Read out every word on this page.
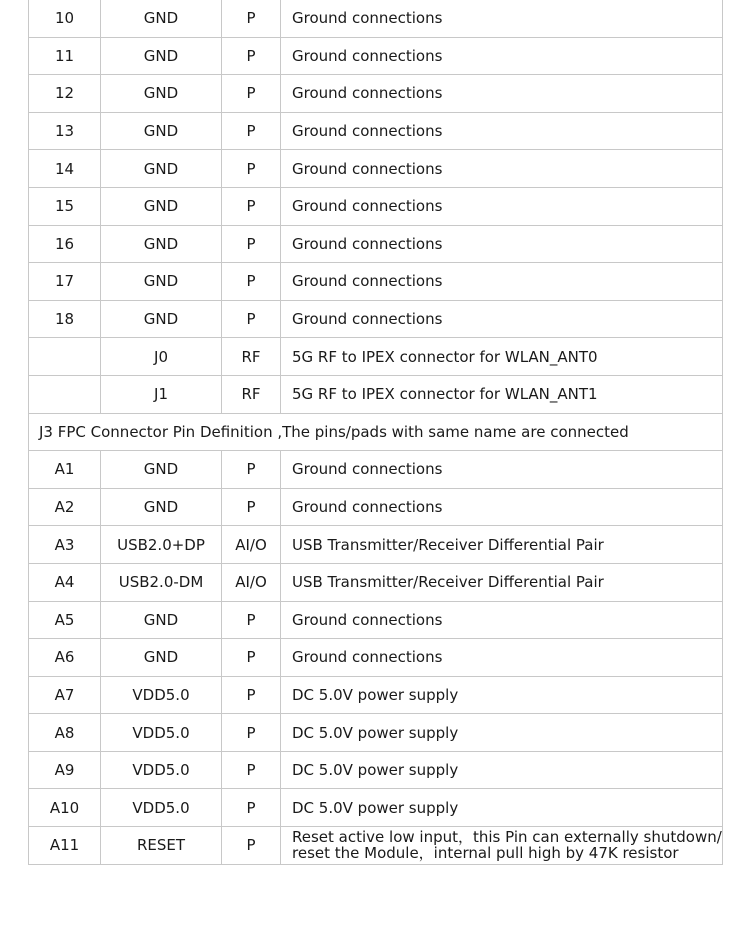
10	GND	P	Ground connections
11	GND	P	Ground connections
12	GND	P	Ground connections
13	GND	P	Ground connections
14	GND	P	Ground connections
15	GND	P	Ground connections
16	GND	P	Ground connections
17	GND	P	Ground connections
18	GND	P	Ground connections
	J0	RF	5G RF to IPEX connector for WLAN_ANT0
	J1	RF	5G RF to IPEX connector for WLAN_ANT1
J3 FPC Connector Pin Definition ,The pins/pads with same name are connected			
A1	GND	P	Ground connections
A2	GND	P	Ground connections
A3	USB2.0+DP	AI/O	USB Transmitter/Receiver Differential Pair
A4	USB2.0-DM	AI/O	USB Transmitter/Receiver Differential Pair
A5	GND	P	Ground connections
A6	GND	P	Ground connections
A7	VDD5.0	P	DC 5.0V power supply
A8	VDD5.0	P	DC 5.0V power supply
A9	VDD5.0	P	DC 5.0V power supply
A10	VDD5.0	P	DC 5.0V power supply
A11	RESET	P	Reset active low input，this Pin can externally shutdown/
reset the Module，internal pull high by 47K resistor
